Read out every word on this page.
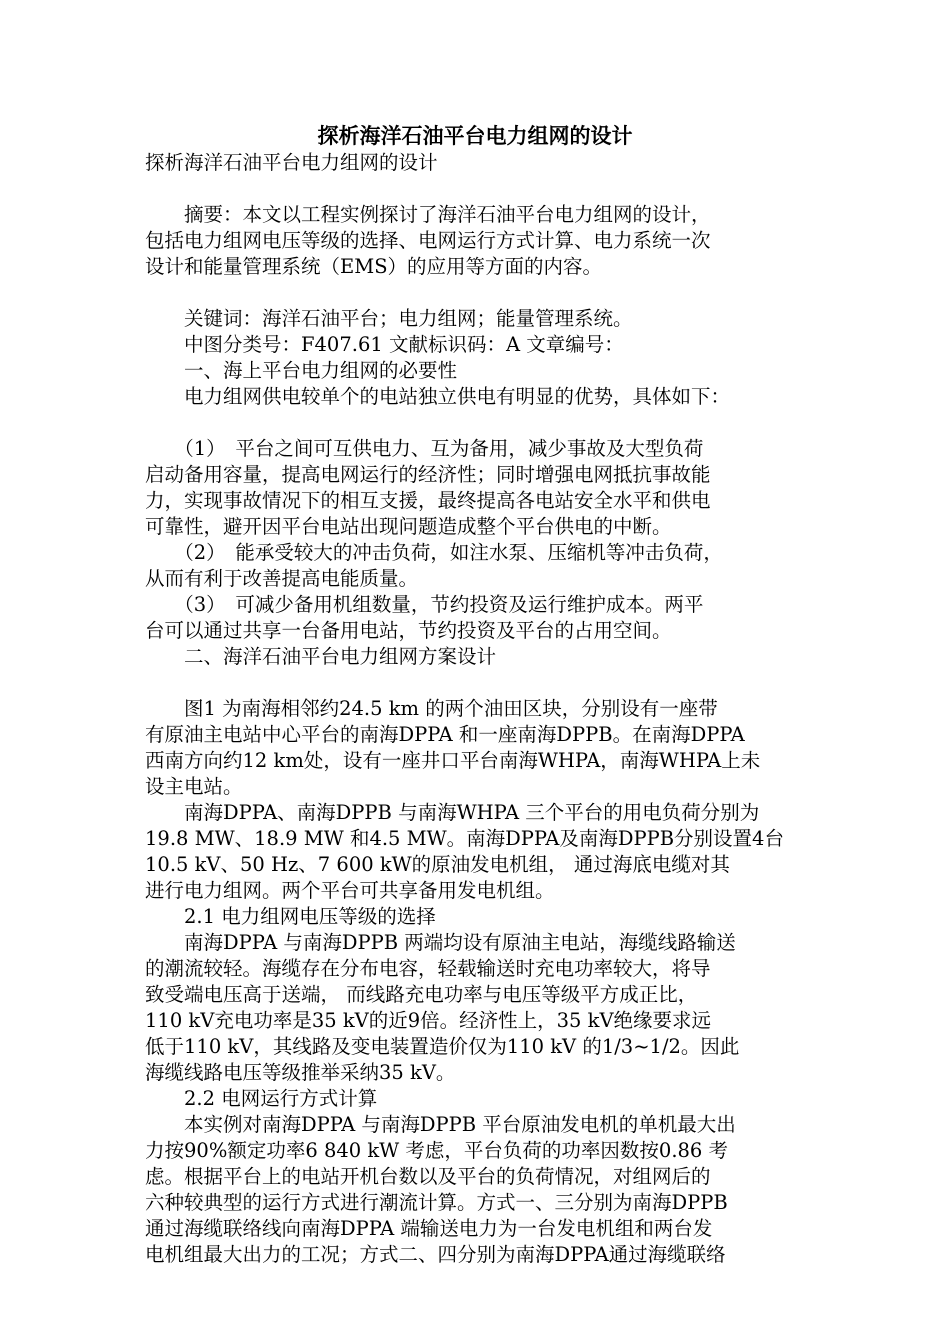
探析海洋石油平台电力组网的设计

探析海洋石油平台电力组网的设计

　　摘要：本文以工程实例探讨了海洋石油平台电力组网的设计，

包括电力组网电压等级的选择、电网运行方式计算、电力系统一次

设计和能量管理系统（EMS）的应用等方面的内容。

　　关键词：海洋石油平台；电力组网；能量管理系统。

　　中图分类号：F407.61 文献标识码：A 文章编号：

　　一、海上平台电力组网的必要性

　　电力组网供电较单个的电站独立供电有明显的优势，具体如下：

　　（1）　平台之间可互供电力、互为备用，减少事故及大型负荷

启动备用容量，提高电网运行的经济性；同时增强电网抵抗事故能

力，实现事故情况下的相互支援，最终提高各电站安全水平和供电

可靠性，避开因平台电站出现问题造成整个平台供电的中断。

　　（2）　能承受较大的冲击负荷，如注水泵、压缩机等冲击负荷，

从而有利于改善提高电能质量。

　　（3）　可减少备用机组数量，节约投资及运行维护成本。两平

台可以通过共享一台备用电站，节约投资及平台的占用空间。

　　二、海洋石油平台电力组网方案设计

　　图1 为南海相邻约24.5 km 的两个油田区块，分别设有一座带

有原油主电站中心平台的南海DPPA 和一座南海DPPB。在南海DPPA

西南方向约12 km处，设有一座井口平台南海WHPA，南海WHPA上未

设主电站。

　　南海DPPA、南海DPPB 与南海WHPA 三个平台的用电负荷分别为

19.8 MW、18.9 MW 和4.5 MW。南海DPPA及南海DPPB分别设置4台

10.5 kV、50 Hz、7 600 kW的原油发电机组， 通过海底电缆对其

进行电力组网。两个平台可共享备用发电机组。

　　2.1 电力组网电压等级的选择

　　南海DPPA 与南海DPPB 两端均设有原油主电站，海缆线路输送

的潮流较轻。海缆存在分布电容，轻载输送时充电功率较大，将导

致受端电压高于送端， 而线路充电功率与电压等级平方成正比，

110 kV充电功率是35 kV的近9倍。经济性上，35 kV绝缘要求远

低于110 kV，其线路及变电装置造价仅为110 kV 的1/3~1/2。因此

海缆线路电压等级推举采纳35 kV。

　　2.2 电网运行方式计算

　　本实例对南海DPPA 与南海DPPB 平台原油发电机的单机最大出

力按90%额定功率6 840 kW 考虑，平台负荷的功率因数按0.86 考

虑。根据平台上的电站开机台数以及平台的负荷情况，对组网后的

六种较典型的运行方式进行潮流计算。方式一、三分别为南海DPPB

通过海缆联络线向南海DPPA 端输送电力为一台发电机组和两台发

电机组最大出力的工况；方式二、四分别为南海DPPA通过海缆联络
